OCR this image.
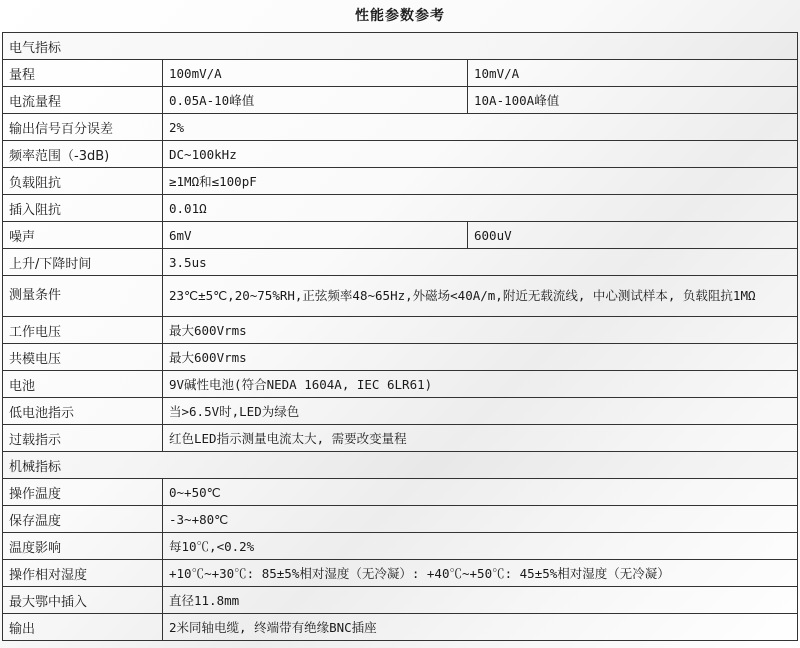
性能参数参考
电气指标		
量程	100mV/A	10mV/A
电流量程	0.05A-10峰值	10A-100A峰值
输出信号百分误差	2%	
频率范围（-3dB)	DC~100kHz	
负载阻抗	≥1MΩ和≤100pF	
插入阻抗	0.01Ω	
噪声	6mV	600uV
上升/下降时间	3.5us	
测量条件	23℃±5℃,20~75%RH,正弦频率48~65Hz,外磁场<40A/m,附近无载流线, 中心测试样本, 负载阻抗1MΩ	
工作电压	最大600Vrms	
共模电压	最大600Vrms	
电池	9V碱性电池(符合NEDA 1604A, IEC 6LR61)	
低电池指示	当>6.5V时,LED为绿色	
过载指示	红色LED指示测量电流太大, 需要改变量程	
机械指标		
操作温度	0~+50℃	
保存温度	-3~+80℃	
温度影响	每10℃,<0.2%	
操作相对湿度	+10℃~+30℃: 85±5%相对湿度（无冷凝）: +40℃~+50℃: 45±5%相对湿度（无冷凝）	
最大鄂中插入	直径11.8mm	
输出	2米同轴电缆, 终端带有绝缘BNC插座	
